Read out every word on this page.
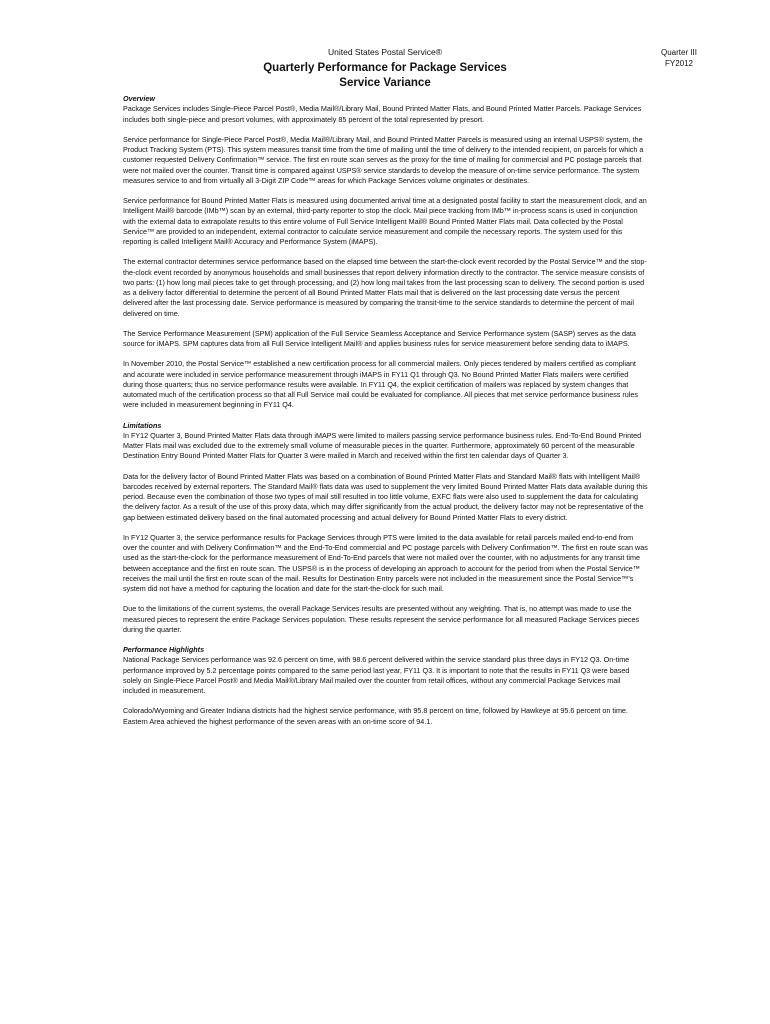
United States Postal Service®
Quarterly Performance for Package Services
Service Variance
Quarter III
FY2012
Overview

Package Services includes Single-Piece Parcel Post®, Media Mail®/Library Mail, Bound Printed Matter Flats, and Bound Printed Matter Parcels. Package Services includes both single-piece and presort volumes, with approximately 85 percent of the total represented by presort.

Service performance for Single-Piece Parcel Post®, Media Mail®/Library Mail, and Bound Printed Matter Parcels is measured using an internal USPS® system, the Product Tracking System (PTS). This system measures transit time from the time of mailing until the time of delivery to the intended recipient, on parcels for which a customer requested Delivery Confirmation™ service. The first en route scan serves as the proxy for the time of mailing for commercial and PC postage parcels that were not mailed over the counter. Transit time is compared against USPS® service standards to develop the measure of on-time service performance. The system measures service to and from virtually all 3-Digit ZIP Code™ areas for which Package Services volume originates or destinates.

Service performance for Bound Printed Matter Flats is measured using documented arrival time at a designated postal facility to start the measurement clock, and an Intelligent Mail® barcode (IMb™) scan by an external, third-party reporter to stop the clock. Mail piece tracking from IMb™ in-process scans is used in conjunction with the external data to extrapolate results to this entire volume of Full Service Intelligent Mail® Bound Printed Matter Flats mail. Data collected by the Postal Service™ are provided to an independent, external contractor to calculate service measurement and compile the necessary reports. The system used for this reporting is called Intelligent Mail® Accuracy and Performance System (iMAPS).

The external contractor determines service performance based on the elapsed time between the start-the-clock event recorded by the Postal Service™ and the stop-the-clock event recorded by anonymous households and small businesses that report delivery information directly to the contractor. The service measure consists of two parts: (1) how long mail pieces take to get through processing, and (2) how long mail takes from the last processing scan to delivery. The second portion is used as a delivery factor differential to determine the percent of all Bound Printed Matter Flats mail that is delivered on the last processing date versus the percent delivered after the last processing date. Service performance is measured by comparing the transit-time to the service standards to determine the percent of mail delivered on time.

The Service Performance Measurement (SPM) application of the Full Service Seamless Acceptance and Service Performance system (SASP) serves as the data source for iMAPS. SPM captures data from all Full Service Intelligent Mail® and applies business rules for service measurement before sending data to iMAPS.

In November 2010, the Postal Service™ established a new certification process for all commercial mailers. Only pieces tendered by mailers certified as compliant and accurate were included in service performance measurement through iMAPS in FY11 Q1 through Q3. No Bound Printed Matter Flats mailers were certified during those quarters; thus no service performance results were available. In FY11 Q4, the explicit certification of mailers was replaced by system changes that automated much of the certification process so that all Full Service mail could be evaluated for compliance. All pieces that met service performance business rules were included in measurement beginning in FY11 Q4.

Limitations

In FY12 Quarter 3, Bound Printed Matter Flats data through iMAPS were limited to mailers passing service performance business rules. End-To-End Bound Printed Matter Flats mail was excluded due to the extremely small volume of measurable pieces in the quarter. Furthermore, approximately 60 percent of the measurable Destination Entry Bound Printed Matter Flats for Quarter 3 were mailed in March and received within the first ten calendar days of Quarter 3.

Data for the delivery factor of Bound Printed Matter Flats was based on a combination of Bound Printed Matter Flats and Standard Mail® flats with Intelligent Mail® barcodes received by external reporters. The Standard Mail® flats data was used to supplement the very limited Bound Printed Matter Flats data available during this period. Because even the combination of those two types of mail still resulted in too little volume, EXFC flats were also used to supplement the data for calculating the delivery factor. As a result of the use of this proxy data, which may differ significantly from the actual product, the delivery factor may not be representative of the gap between estimated delivery based on the final automated processing and actual delivery for Bound Printed Matter Flats to every district.

In FY12 Quarter 3, the service performance results for Package Services through PTS were limited to the data available for retail parcels mailed end-to-end from over the counter and with Delivery Confirmation™ and the End-To-End commercial and PC postage parcels with Delivery Confirmation™. The first en route scan was used as the start-the-clock for the performance measurement of End-To-End parcels that were not mailed over the counter, with no adjustments for any transit time between acceptance and the first en route scan. The USPS® is in the process of developing an approach to account for the period from when the Postal Service™ receives the mail until the first en route scan of the mail. Results for Destination Entry parcels were not included in the measurement since the Postal Service™'s system did not have a method for capturing the location and date for the start-the-clock for such mail.

Due to the limitations of the current systems, the overall Package Services results are presented without any weighting. That is, no attempt was made to use the measured pieces to represent the entire Package Services population. These results represent the service performance for all measured Package Services pieces during the quarter.

Performance Highlights

National Package Services performance was 92.6 percent on time, with 98.6 percent delivered within the service standard plus three days in FY12 Q3. On-time performance improved by 5.2 percentage points compared to the same period last year, FY11 Q3. It is important to note that the results in FY11 Q3 were based solely on Single-Piece Parcel Post® and Media Mail®/Library Mail mailed over the counter from retail offices, without any commercial Package Services mail included in measurement.

Colorado/Wyoming and Greater Indiana districts had the highest service performance, with 95.8 percent on time, followed by Hawkeye at 95.6 percent on time. Eastern Area achieved the highest performance of the seven areas with an on-time score of 94.1.
